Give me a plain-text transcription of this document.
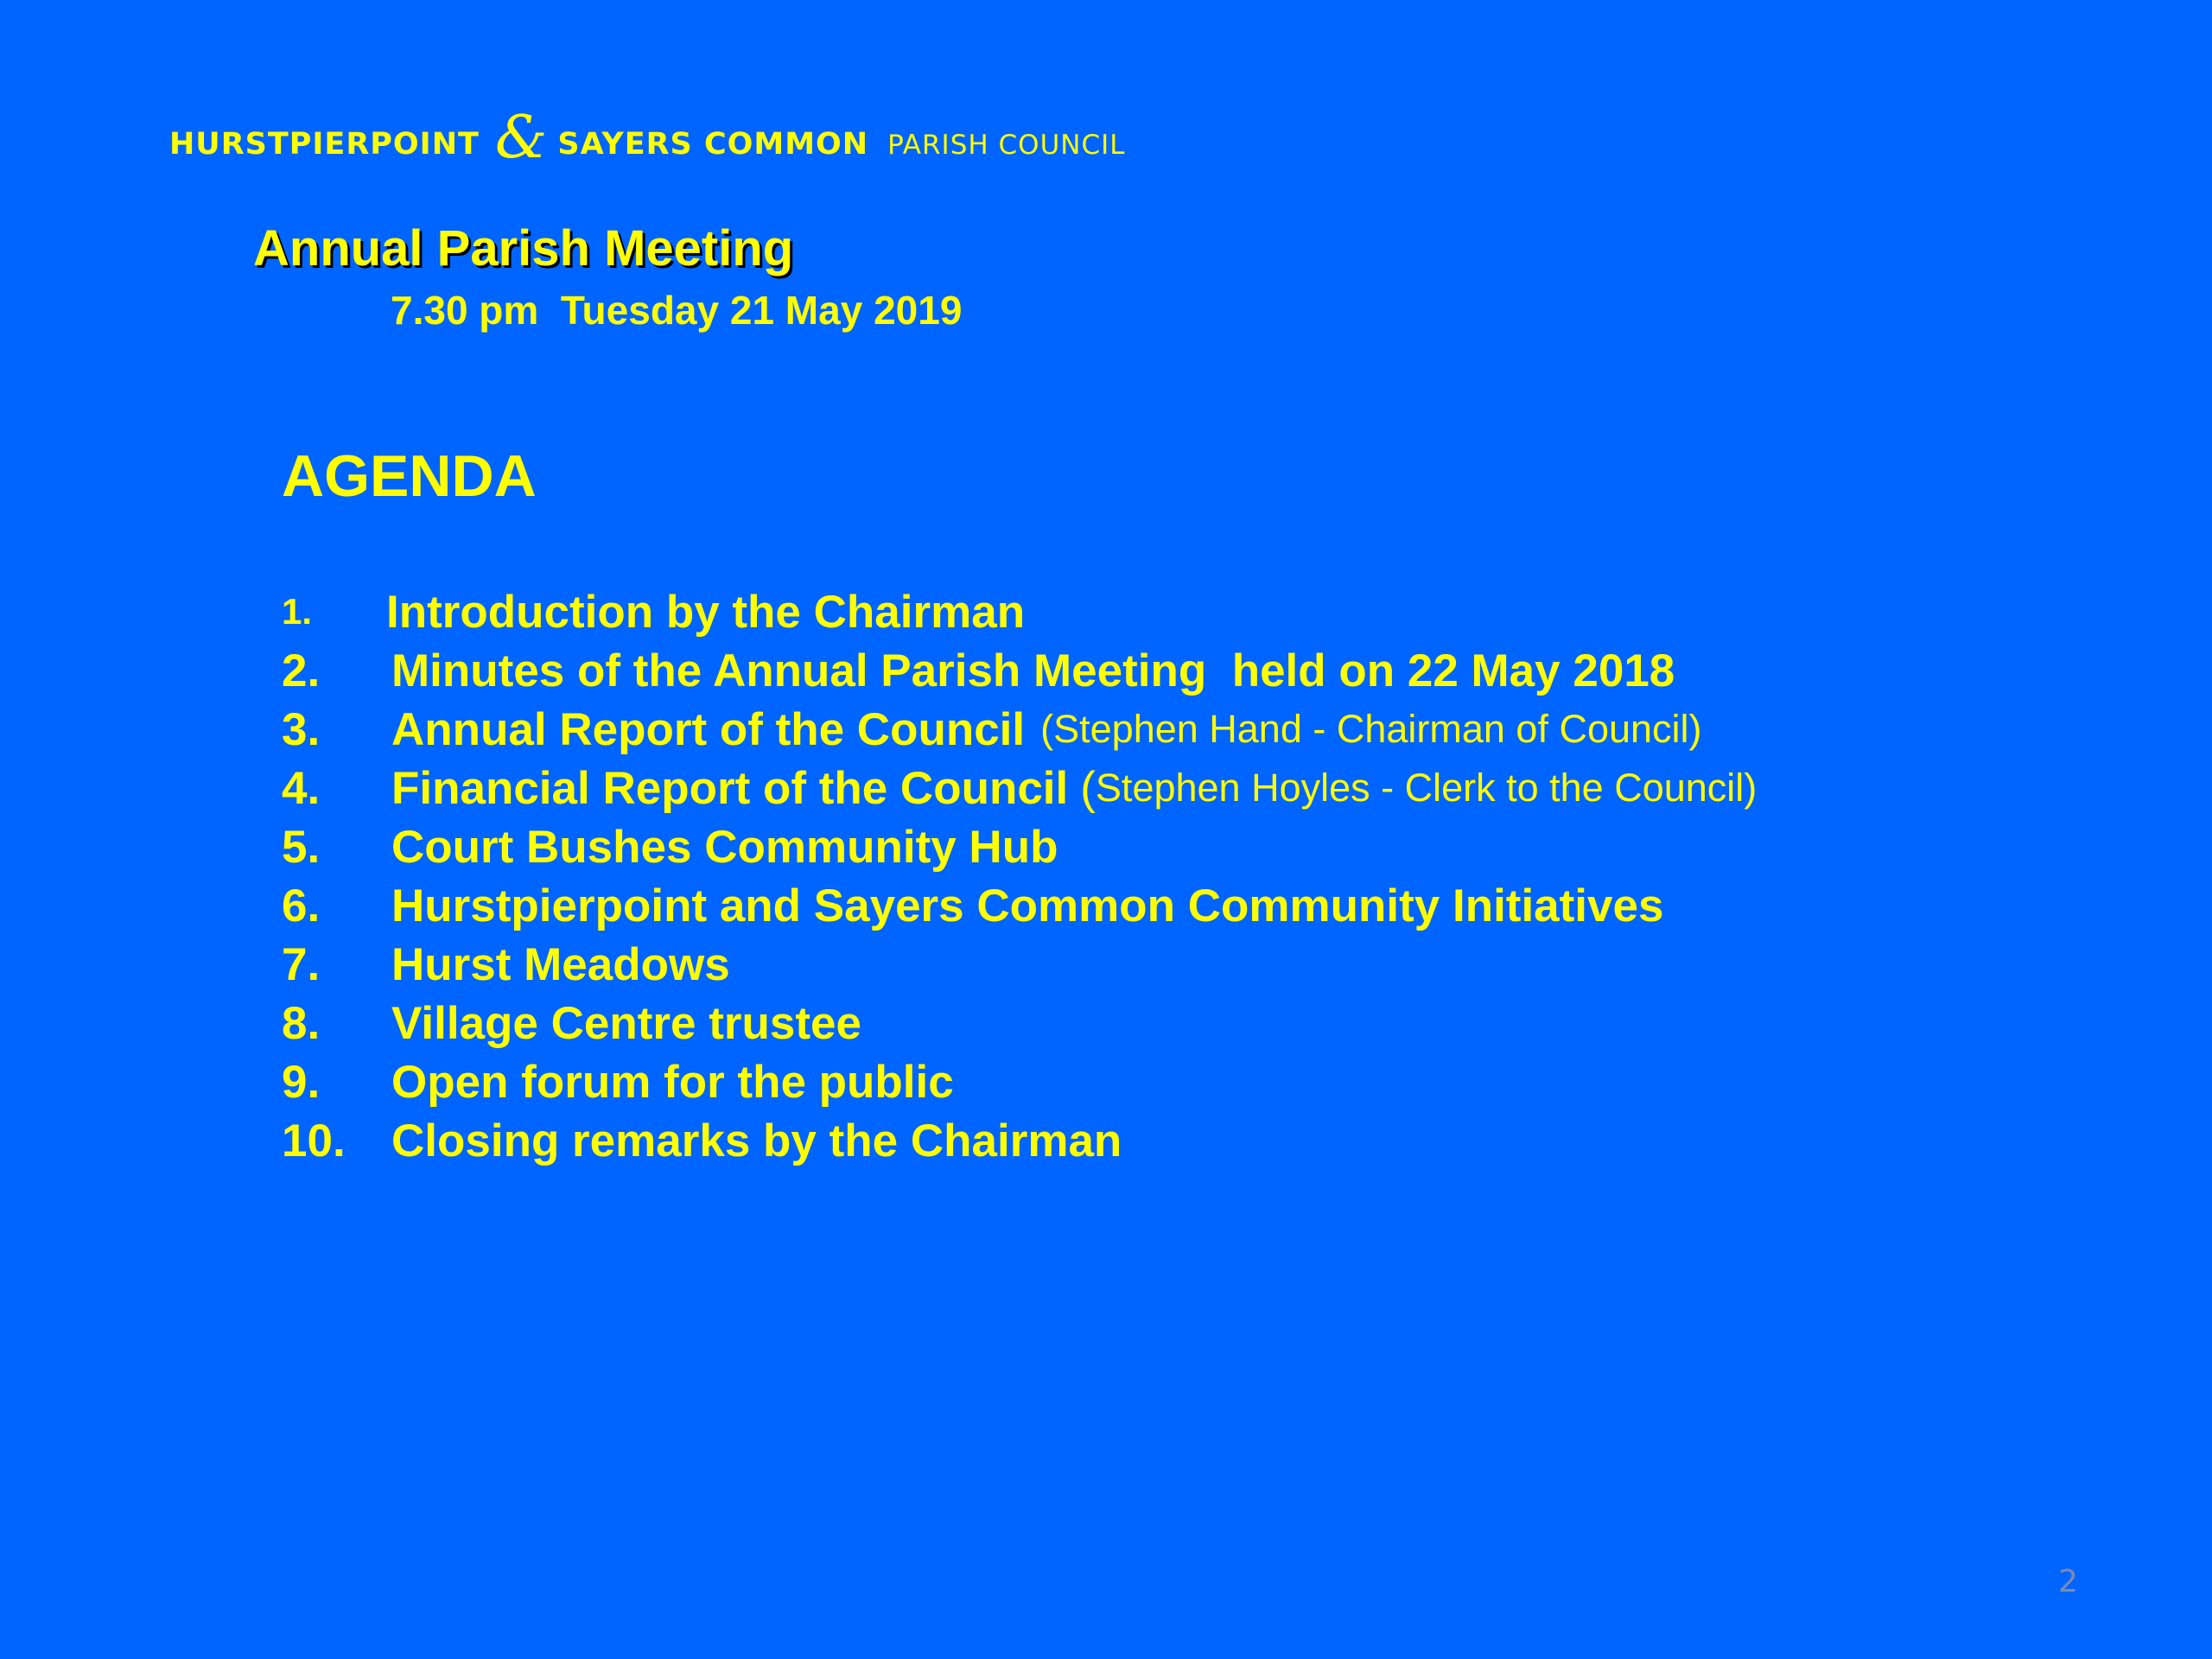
HURSTPIERPOINT & SAYERS COMMON PARISH COUNCIL
Annual Parish Meeting
7.30 pm  Tuesday 21 May 2019
AGENDA
1.	Introduction by the Chairman
2.	Minutes of the Annual Parish Meeting  held on 22 May 2018
3.	Annual Report of the Council ( Stephen Hand - Chairman of Council)
4.	Financial Report of the Council ( Stephen Hoyles - Clerk to the Council)
5.	Court Bushes Community Hub
6.	Hurstpierpoint and Sayers Common Community Initiatives
7.	Hurst Meadows
8.	Village Centre trustee
9.	Open forum for the public
10.	Closing remarks by the Chairman
2
